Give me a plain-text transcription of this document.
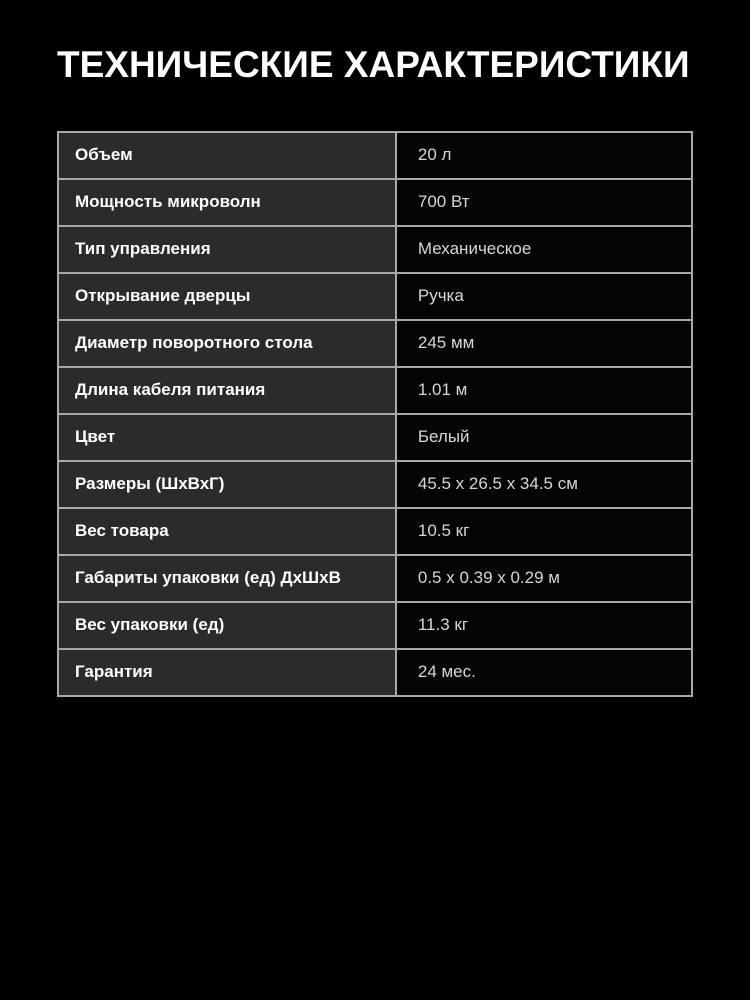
ТЕХНИЧЕСКИЕ ХАРАКТЕРИСТИКИ
Объем	20 л
Мощность микроволн	700 Вт
Тип управления	Механическое
Открывание дверцы	Ручка
Диаметр поворотного стола	245 мм
Длина кабеля питания	1.01 м
Цвет	Белый
Размеры (ШхВхГ)	45.5 x 26.5 x 34.5 см
Вес товара	10.5 кг
Габариты упаковки (ед) ДхШхВ	0.5 x 0.39 x 0.29 м
Вес упаковки (ед)	11.3 кг
Гарантия	24 мес.
